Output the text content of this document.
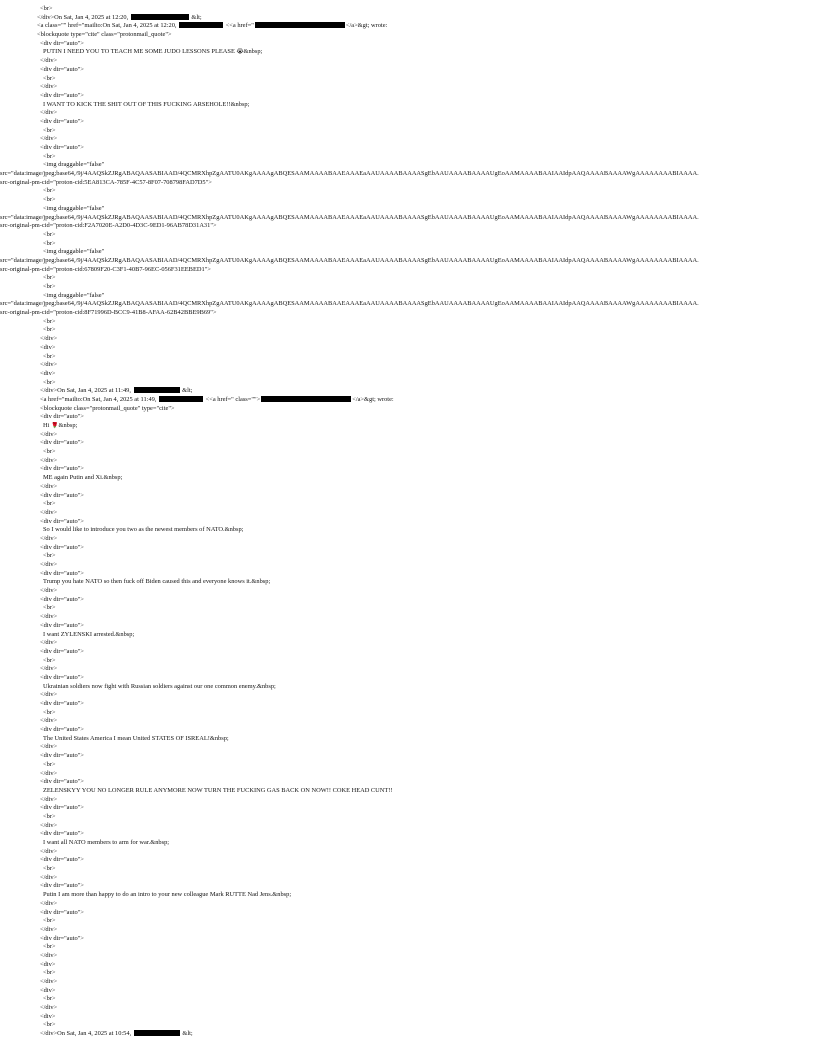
<br>
</div>On Sat, Jan 4, 2025 at 12:20,	&lt;
<a class="" href="mailto:On Sat, Jan 4, 2025 at 12:20,	<<a href="	</a>&gt; wrote:
<blockquote type="cite" class="protonmail_quote">
<div dir="auto">
PUTIN I NEED YOU TO TEACH ME SOME JUDO LESSONS PLEASE 😭&nbsp;
</div>
<div dir="auto">
<br>
</div>
<div dir="auto">
I WANT TO KICK THE SHIT OUT OF THIS FUCKING ARSEHOLE!!&nbsp;
</div>
<div dir="auto">
<br>
</div>
<div dir="auto">
<br>
<img draggable="false"
src="data:image/jpeg;base64,/9j/4AAQSkZJRgABAQAASABIAAD/4QCMRXhpZgAATU0AKgAAAAgABQESAAMAAAABAAEAAAEaAAUAAAABAAAASgEbAAUAAAABAAAAUgEoAAMAAAABAAIAAIdpAAQAAAABAAAAWgAAAAAAAABIAAAA.
src-original-pm-cid="proton-cid:5EA813CA-785F-4C57-8F07-708798FAD7D5">
<br>
<br>
<img draggable="false"
src="data:image/jpeg;base64,/9j/4AAQSkZJRgABAQAASABIAAD/4QCMRXhpZgAATU0AKgAAAAgABQESAAMAAAABAAEAAAEaAAUAAAABAAAASgEbAAUAAAABAAAAUgEoAAMAAAABAAIAAIdpAAQAAAABAAAAWgAAAAAAAABIAAAA.
src-original-pm-cid="proton-cid:F2A7020E-A2D0-4D3C-9ED1-96AB78D31A31">
<br>
<br>
<img draggable="false"
src="data:image/jpeg;base64,/9j/4AAQSkZJRgABAQAASABIAAD/4QCMRXhpZgAATU0AKgAAAAgABQESAAMAAAABAAEAAAEaAAUAAAABAAAASgEbAAUAAAABAAAAUgEoAAMAAAABAAIAAIdpAAQAAAABAAAAWgAAAAAAAABIAAAA.
src-original-pm-cid="proton-cid:67809F20-C3F1-40B7-96EC-056F31EEBED1">
<br>
<br>
<img draggable="false"
src="data:image/jpeg;base64,/9j/4AAQSkZJRgABAQAASABIAAD/4QCMRXhpZgAATU0AKgAAAAgABQESAAMAAAABAAEAAAEaAAUAAAABAAAASgEbAAUAAAABAAAAUgEoAAMAAAABAAIAAIdpAAQAAAABAAAAWgAAAAAAAABIAAAA.
src-original-pm-cid="proton-cid:8F71996D-BCC9-41B8-AFAA-62B42BBE9B69">
<br>
<br>
</div>
<div>
<br>
</div>
<div>
<br>
</div>On Sat, Jan 4, 2025 at 11:49,	&lt;
<a href="mailto:On Sat, Jan 4, 2025 at 11:49,	<<a href=" class="">	</a>&gt; wrote:
<blockquote class="protonmail_quote" type="cite">
<div dir="auto">
Hi 🌹&nbsp;
</div>
<div dir="auto">
<br>
</div>
<div dir="auto">
ME again Putin and Xi.&nbsp;
</div>
<div dir="auto">
<br>
</div>
<div dir="auto">
So I would like to introduce you two as the newest members of NATO.&nbsp;
</div>
<div dir="auto">
<br>
</div>
<div dir="auto">
Trump you hate NATO so then fuck off Biden caused this and everyone knows it.&nbsp;
</div>
<div dir="auto">
<br>
</div>
<div dir="auto">
I want ZYLENSKI arrested.&nbsp;
</div>
<div dir="auto">
<br>
</div>
<div dir="auto">
Ukrainian soldiers now fight with Russian soldiers against our one common enemy.&nbsp;
</div>
<div dir="auto">
<br>
</div>
<div dir="auto">
The United States America I mean United STATES OF ISREAL!&nbsp;
</div>
<div dir="auto">
<br>
</div>
<div dir="auto">
ZELENSKYY YOU NO LONGER RULE ANYMORE NOW TURN THE FUCKING GAS BACK ON NOW!! COKE HEAD CUNT!!
</div>
<div dir="auto">
<br>
</div>
<div dir="auto">
I want all NATO members to arm for war.&nbsp;
</div>
<div dir="auto">
<br>
</div>
<div dir="auto">
Putin I am more than happy to do an intro to your new colleague Mark RUTTE Nad Jens.&nbsp;
</div>
<div dir="auto">
<br>
</div>
<div dir="auto">
<br>
</div>
<div>
<br>
</div>
<div>
<br>
</div>
<div>
<br>
</div>On Sat, Jan 4, 2025 at 10:54,	&lt;
